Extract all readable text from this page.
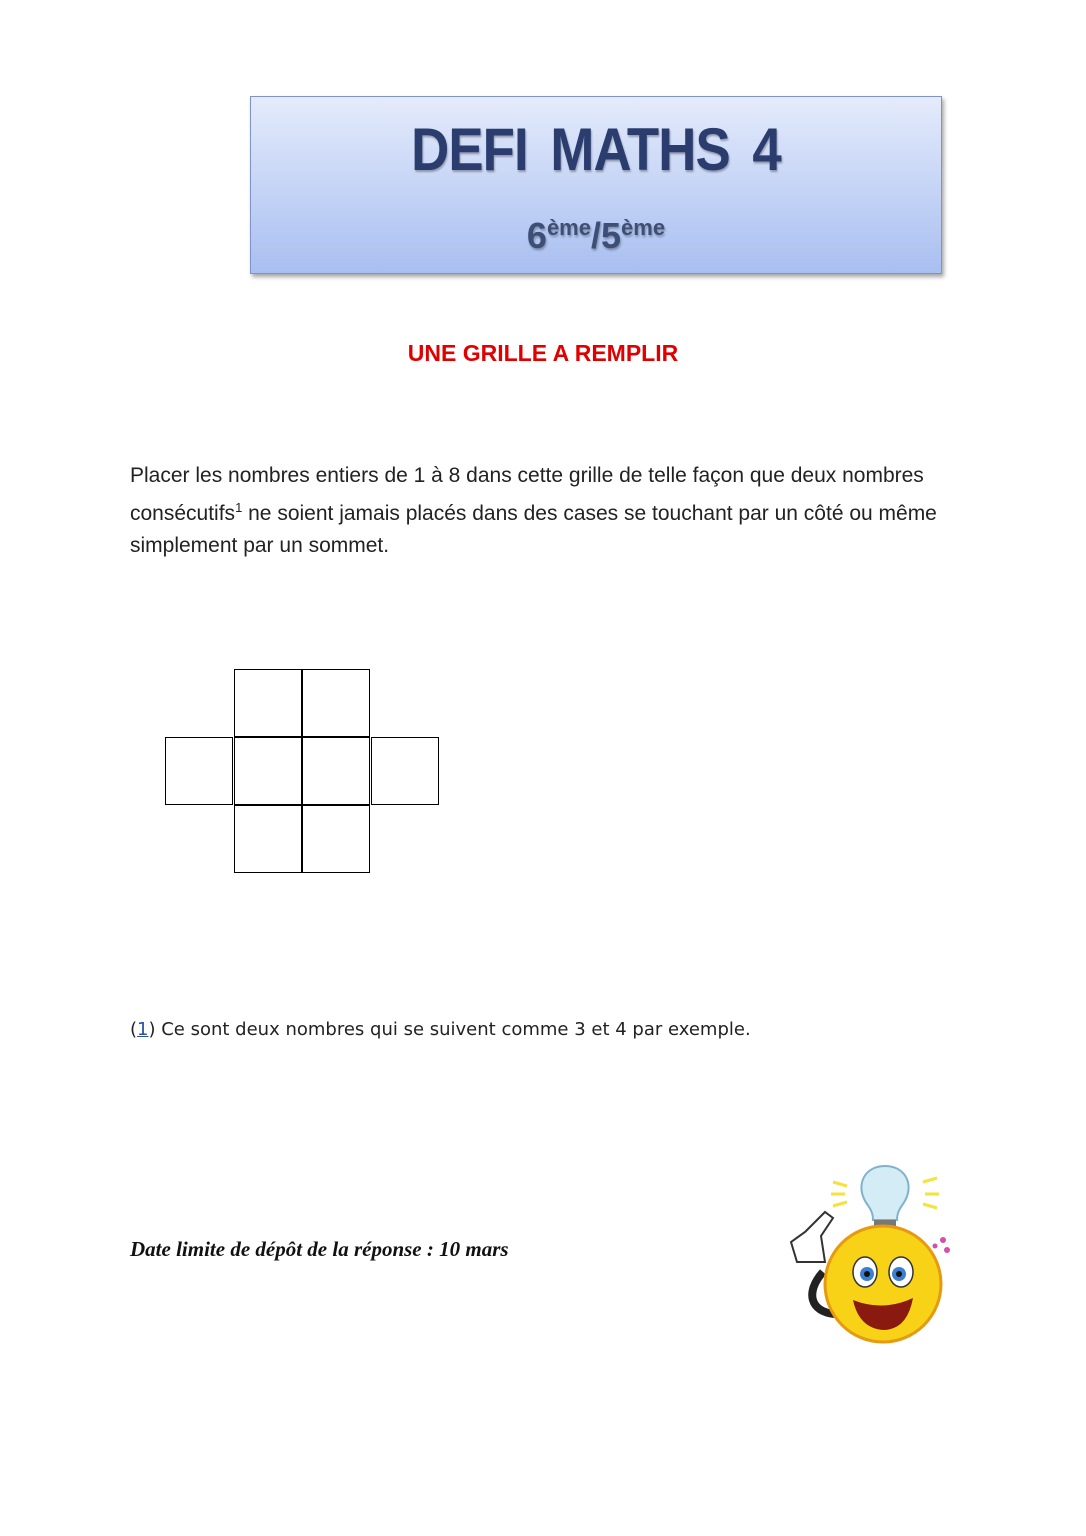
DEFI MATHS 4
6ème/5ème
UNE GRILLE A REMPLIR
Placer les nombres entiers de 1 à 8 dans cette grille de telle façon que deux nombres consécutifs$^1$ ne soient jamais placés dans des cases se touchant par un côté ou même simplement par un sommet.
(1) Ce sont deux nombres qui se suivent comme 3 et 4 par exemple.
Date limite de dépôt de la réponse : 10 mars
